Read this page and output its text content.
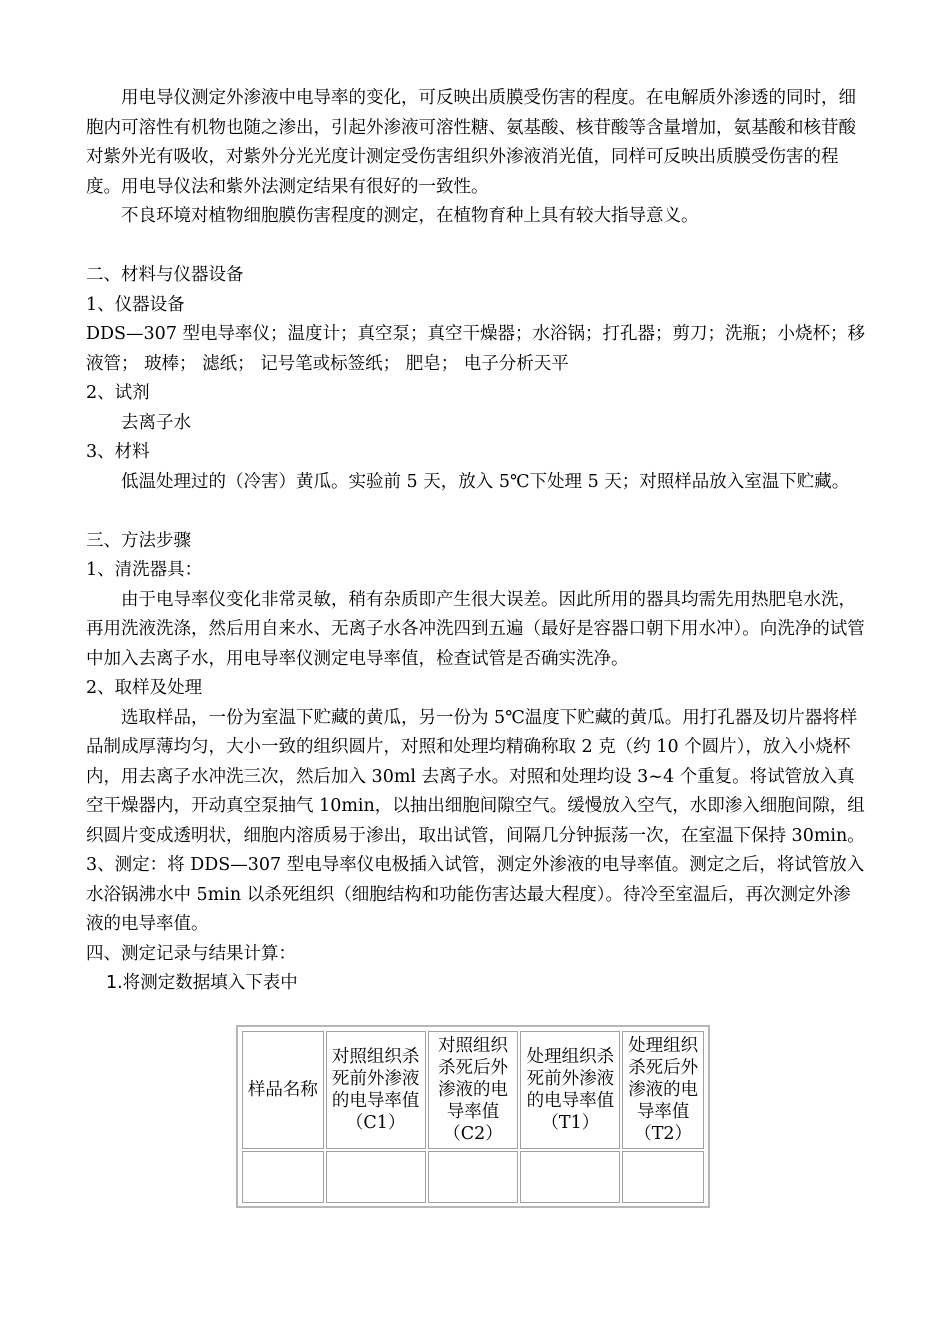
用电导仪测定外渗液中电导率的变化，可反映出质膜受伤害的程度。在电解质外渗透的同时，细胞内可溶性有机物也随之渗出，引起外渗液可溶性糖、氨基酸、核苷酸等含量增加，氨基酸和核苷酸对紫外光有吸收，对紫外分光光度计测定受伤害组织外渗液消光值，同样可反映出质膜受伤害的程度。用电导仪法和紫外法测定结果有很好的一致性。

不良环境对植物细胞膜伤害程度的测定，在植物育种上具有较大指导意义。

二、材料与仪器设备

1、仪器设备

DDS—307 型电导率仪；温度计；真空泵；真空干燥器；水浴锅；打孔器；剪刀；洗瓶；小烧杯；移液管； 玻棒； 滤纸； 记号笔或标签纸； 肥皂； 电子分析天平

2、试剂

去离子水

3、材料

低温处理过的（冷害）黄瓜。实验前 5 天，放入 5℃下处理 5 天；对照样品放入室温下贮藏。

三、方法步骤

1、清洗器具：

由于电导率仪变化非常灵敏，稍有杂质即产生很大误差。因此所用的器具均需先用热肥皂水洗，再用洗液洗涤，然后用自来水、无离子水各冲洗四到五遍（最好是容器口朝下用水冲）。向洗净的试管中加入去离子水，用电导率仪测定电导率值，检查试管是否确实洗净。

2、取样及处理

选取样品，一份为室温下贮藏的黄瓜，另一份为 5℃温度下贮藏的黄瓜。用打孔器及切片器将样品制成厚薄均匀，大小一致的组织圆片，对照和处理均精确称取 2 克（约 10 个圆片），放入小烧杯内，用去离子水冲洗三次，然后加入 30ml 去离子水。对照和处理均设 3~4 个重复。将试管放入真空干燥器内，开动真空泵抽气 10min，以抽出细胞间隙空气。缓慢放入空气，水即渗入细胞间隙，组织圆片变成透明状，细胞内溶质易于渗出，取出试管，间隔几分钟振荡一次，在室温下保持 30min。

3、测定：将 DDS—307 型电导率仪电极插入试管，测定外渗液的电导率值。测定之后，将试管放入水浴锅沸水中 5min 以杀死组织（细胞结构和功能伤害达最大程度）。待冷至室温后，再次测定外渗液的电导率值。

四、测定记录与结果计算：

1.将测定数据填入下表中

样品名称	对照组织杀死前外渗液的电导率值（C1）	对照组织杀死后外渗液的电导率值（C2）	处理组织杀死前外渗液的电导率值（T1）	处理组织杀死后外渗液的电导率值（T2）
